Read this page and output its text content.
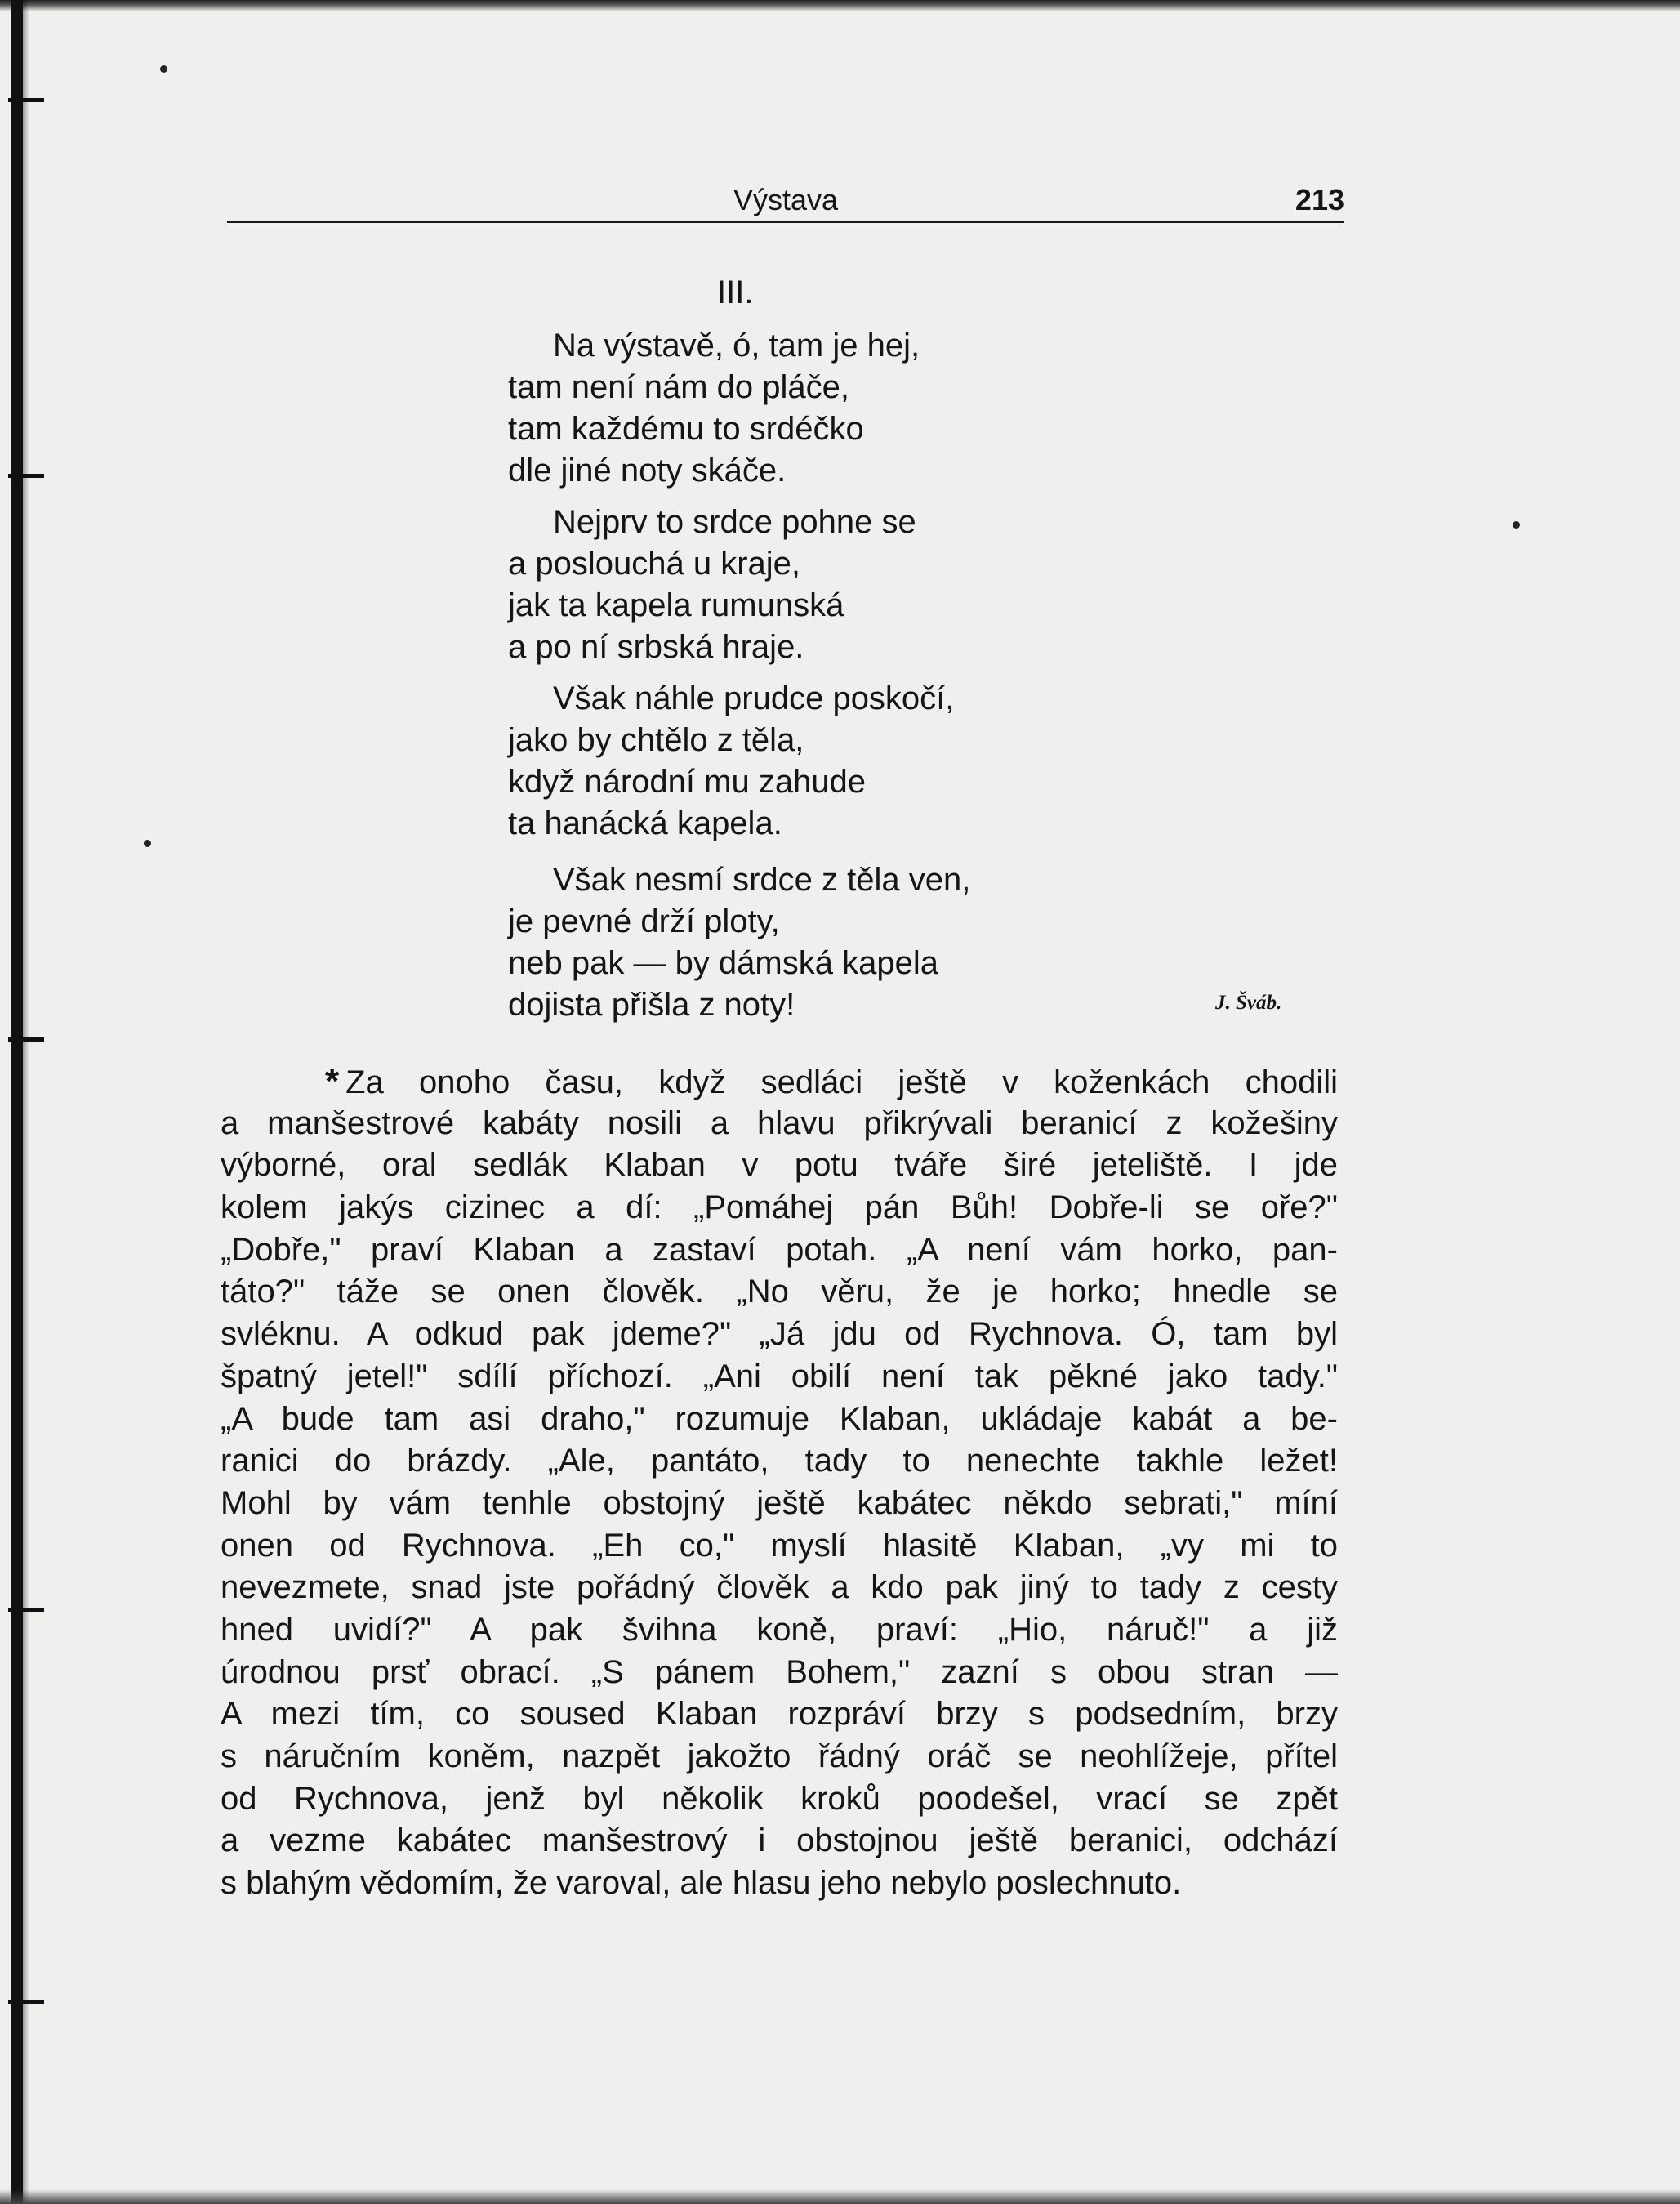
Výstava	213
III.
Na výstavě, ó, tam je hej,
tam není nám do pláče,
tam každému to srdéčko
dle jiné noty skáče.
Nejprv to srdce pohne se
a poslouchá u kraje,
jak ta kapela rumunská
a po ní srbská hraje.
Však náhle prudce poskočí,
jako by chtělo z těla,
když národní mu zahude
ta hanácká kapela.
Však nesmí srdce z těla ven,
je pevné drží ploty,
neb pak — by dámská kapela
dojista přišla z noty!	J. Šváb.
* Za onoho času, když sedláci ještě v koženkách chodili
a manšestrové kabáty nosili a hlavu přikrývali beranicí z kožešiny
výborné, oral sedlák Klaban v potu tváře širé jeteliště. I jde
kolem jakýs cizinec a dí: „Pomáhej pán Bůh! Dobře-li se oře?"
„Dobře," praví Klaban a zastaví potah. „A není vám horko, pan-
táto?" táže se onen člověk. „No věru, že je horko; hnedle se
svléknu. A odkud pak jdeme?" „Já jdu od Rychnova. Ó, tam byl
špatný jetel!" sdílí příchozí. „Ani obilí není tak pěkné jako tady."
„A bude tam asi draho," rozumuje Klaban, ukládaje kabát a be-
ranici do brázdy. „Ale, pantáto, tady to nenechte takhle ležet!
Mohl by vám tenhle obstojný ještě kabátec někdo sebrati," míní
onen od Rychnova. „Eh co," myslí hlasitě Klaban, „vy mi to
nevezmete, snad jste pořádný člověk a kdo pak jiný to tady z cesty
hned uvidí?" A pak švihna koně, praví: „Hio, náruč!" a již
úrodnou prsť obrací. „S pánem Bohem," zazní s obou stran —
A mezi tím, co soused Klaban rozpráví brzy s podsedním, brzy
s náručním koněm, nazpět jakožto řádný oráč se neohlížeje, přítel
od Rychnova, jenž byl několik kroků poodešel, vrací se zpět
a vezme kabátec manšestrový i obstojnou ještě beranici, odchází
s blahým vědomím, že varoval, ale hlasu jeho nebylo poslechnuto.
